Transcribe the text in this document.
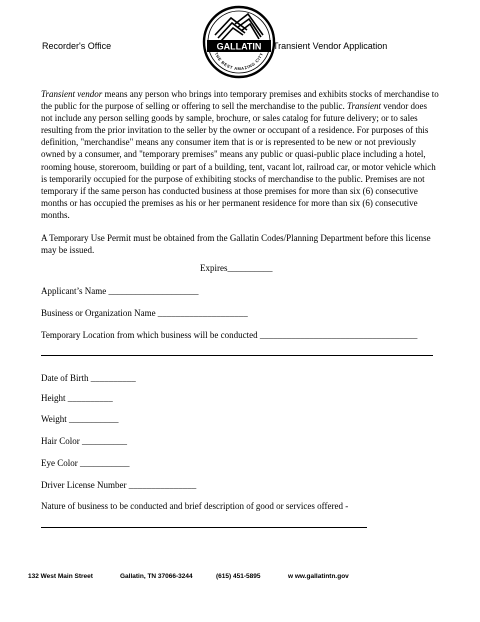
Recorder's Office	GALLATIN
THE BEST AMAZING CITY
Transient Vendor Application
Transient vendor means any person who brings into temporary premises and exhibits stocks of merchandise to the public for the purpose of selling or offering to sell the merchandise to the public. Transient vendor does not include any person selling goods by sample, brochure, or sales catalog for future delivery; or to sales resulting from the prior invitation to the seller by the owner or occupant of a residence. For purposes of this definition, "merchandise" means any consumer item that is or is represented to be new or not previously owned by a consumer, and "temporary premises" means any public or quasi-public place including a hotel, rooming house, storeroom, building or part of a building, tent, vacant lot, railroad car, or motor vehicle which is temporarily occupied for the purpose of exhibiting stocks of merchandise to the public. Premises are not temporary if the same person has conducted business at those premises for more than six (6) consecutive months or has occupied the premises as his or her permanent residence for more than six (6) consecutive months.
A Temporary Use Permit must be obtained from the Gallatin Codes/Planning Department before this license may be issued.
Expires__________
Applicant’s Name ____________________
Business or Organization Name ____________________
Temporary Location from which business will be conducted ___________________________________
Date of Birth __________
Height __________
Weight ___________
Hair Color __________
Eye Color ___________
Driver License Number _______________
Nature of business to be conducted and brief description of good or services offered -
132 West Main Street	Gallatin, TN 37066-3244	(615) 451-5895	w ww.gallatintn.gov
